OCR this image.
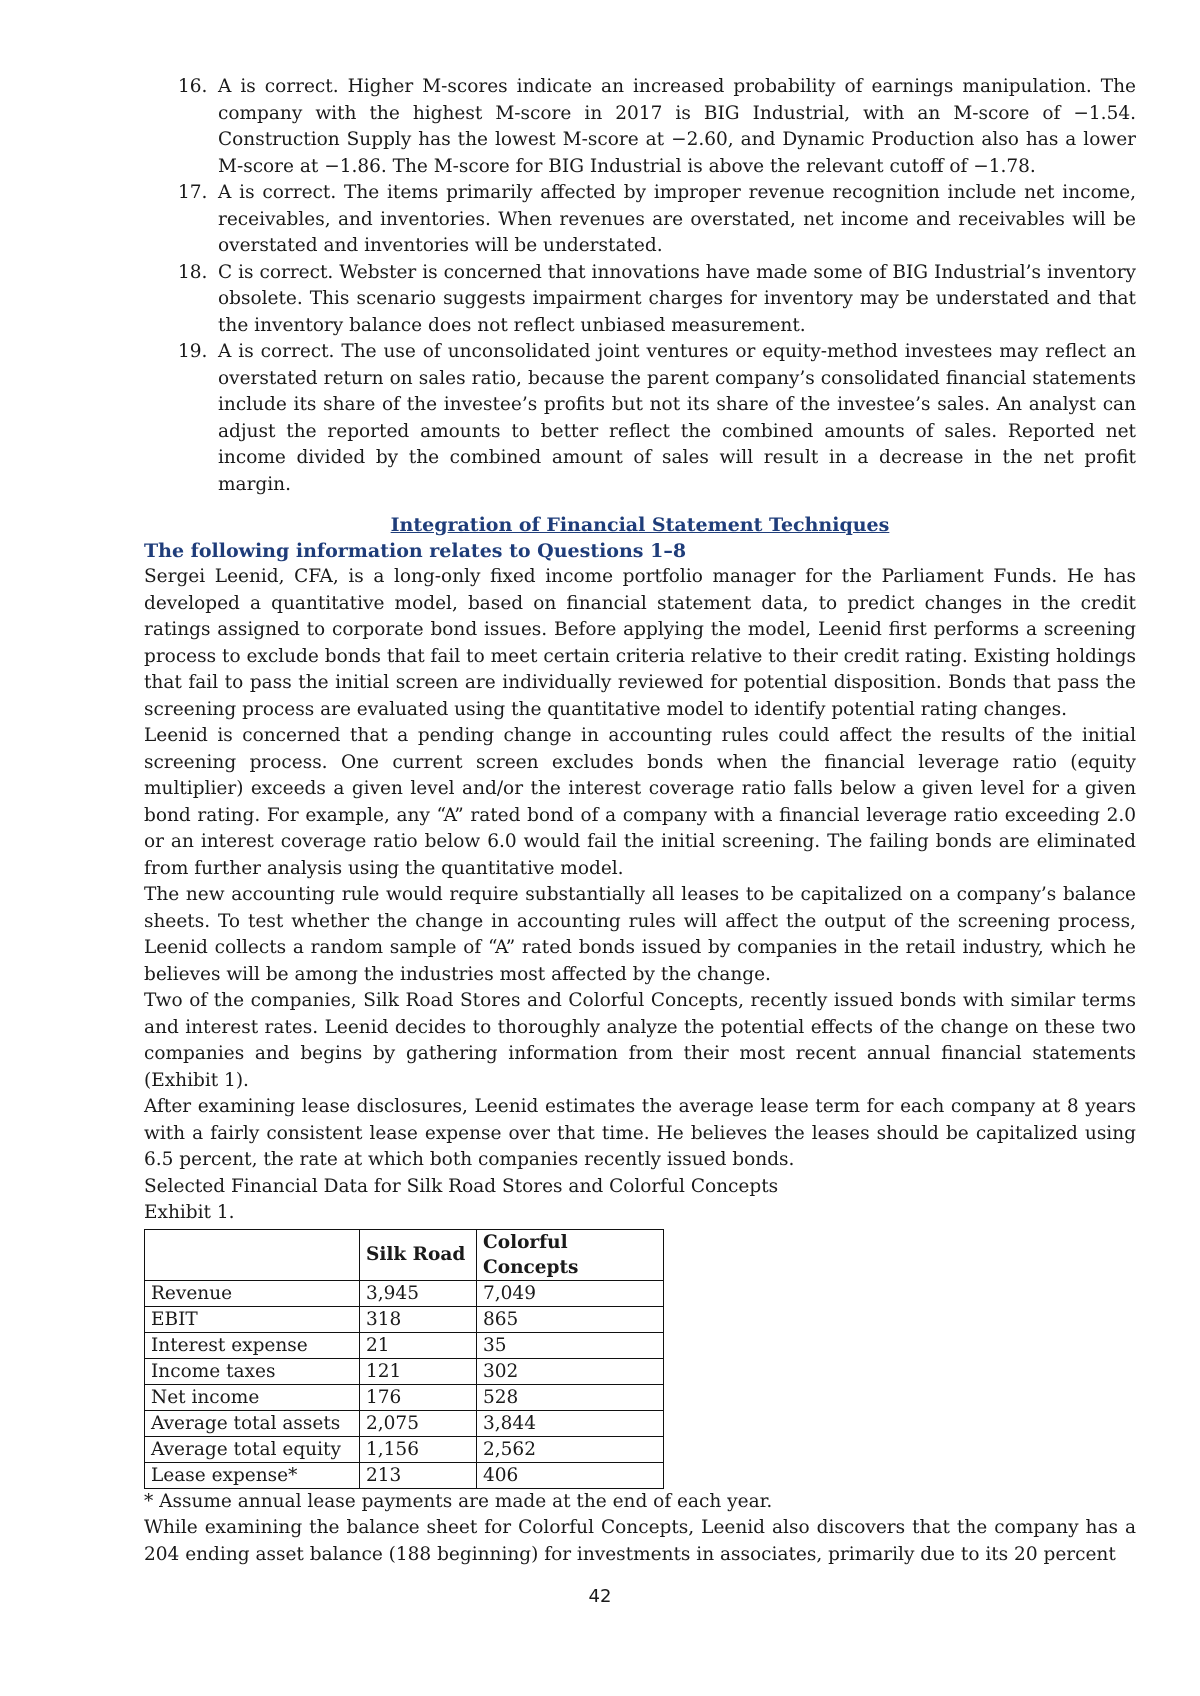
16. A is correct. Higher M-scores indicate an increased probability of earnings manipulation. The company with the highest M-score in 2017 is BIG Industrial, with an M-score of −1.54. Construction Supply has the lowest M-score at −2.60, and Dynamic Production also has a lower M-score at −1.86. The M-score for BIG Industrial is above the relevant cutoff of −1.78.
17. A is correct. The items primarily affected by improper revenue recognition include net income, receivables, and inventories. When revenues are overstated, net income and receivables will be overstated and inventories will be understated.
18. C is correct. Webster is concerned that innovations have made some of BIG Industrial’s inventory obsolete. This scenario suggests impairment charges for inventory may be understated and that the inventory balance does not reflect unbiased measurement.
19. A is correct. The use of unconsolidated joint ventures or equity-method investees may reflect an overstated return on sales ratio, because the parent company’s consolidated financial statements include its share of the investee’s profits but not its share of the investee’s sales. An analyst can adjust the reported amounts to better reflect the combined amounts of sales. Reported net income divided by the combined amount of sales will result in a decrease in the net profit margin.
Integration of Financial Statement Techniques

The following information relates to Questions 1–8

Sergei Leenid, CFA, is a long-only fixed income portfolio manager for the Parliament Funds. He has developed a quantitative model, based on financial statement data, to predict changes in the credit ratings assigned to corporate bond issues. Before applying the model, Leenid first performs a screening process to exclude bonds that fail to meet certain criteria relative to their credit rating. Existing holdings that fail to pass the initial screen are individually reviewed for potential disposition. Bonds that pass the screening process are evaluated using the quantitative model to identify potential rating changes.

Leenid is concerned that a pending change in accounting rules could affect the results of the initial screening process. One current screen excludes bonds when the financial leverage ratio (equity multiplier) exceeds a given level and/or the interest coverage ratio falls below a given level for a given bond rating. For example, any “A” rated bond of a company with a financial leverage ratio exceeding 2.0 or an interest coverage ratio below 6.0 would fail the initial screening. The failing bonds are eliminated from further analysis using the quantitative model.

The new accounting rule would require substantially all leases to be capitalized on a company’s balance sheets. To test whether the change in accounting rules will affect the output of the screening process, Leenid collects a random sample of “A” rated bonds issued by companies in the retail industry, which he believes will be among the industries most affected by the change.

Two of the companies, Silk Road Stores and Colorful Concepts, recently issued bonds with similar terms and interest rates. Leenid decides to thoroughly analyze the potential effects of the change on these two companies and begins by gathering information from their most recent annual financial statements (Exhibit 1).

After examining lease disclosures, Leenid estimates the average lease term for each company at 8 years with a fairly consistent lease expense over that time. He believes the leases should be capitalized using 6.5 percent, the rate at which both companies recently issued bonds.

Selected Financial Data for Silk Road Stores and Colorful Concepts

Exhibit 1.

	Silk Road	Colorful Concepts
Revenue	3,945	7,049
EBIT	318	865
Interest expense	21	35
Income taxes	121	302
Net income	176	528
Average total assets	2,075	3,844
Average total equity	1,156	2,562
Lease expense*	213	406

* Assume annual lease payments are made at the end of each year.

While examining the balance sheet for Colorful Concepts, Leenid also discovers that the company has a 204 ending asset balance (188 beginning) for investments in associates, primarily due to its 20 percent

42
